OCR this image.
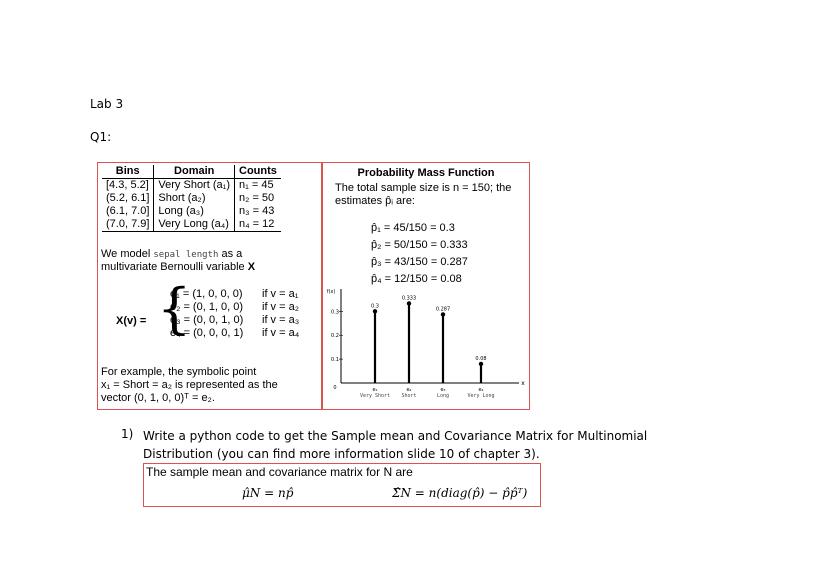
Lab 3
Q1:
Bins	Domain	Counts
[4.3, 5.2]	Very Short (a₁)	n₁ = 45
(5.2, 6.1]	Short (a₂)	n₂ = 50
(6.1, 7.0]	Long (a₃)	n₃ = 43
(7.0, 7.9]	Very Long (a₄)	n₄ = 12
We model sepal length as a
multivariate Bernoulli variable X
X(v) = {
e₁ = (1, 0, 0, 0) if v = a₁
e₂ = (0, 1, 0, 0) if v = a₂
e₃ = (0, 0, 1, 0) if v = a₃
e₄ = (0, 0, 0, 1) if v = a₄
For example, the symbolic point
x₁ = Short = a₂ is represented as the
vector (0, 1, 0, 0)ᵀ = e₂.
Probability Mass Function
The total sample size is n = 150; the
estimates p̂ᵢ are:
p̂₁ = 45/150 = 0.3
p̂₂ = 50/150 = 0.333
p̂₃ = 43/150 = 0.287
p̂₄ = 12/150 = 0.08
f(x)
x
0
0.1
0.2
0.3
0.3
e₁
Very Short
0.333
e₂
Short
0.287
e₃
Long
0.08
e₄
Very Long
1) Write a python code to get the Sample mean and Covariance Matrix for Multinomial
Distribution (you can find more information slide 10 of chapter 3).
The sample mean and covariance matrix for N are
μ̂N = np̂	Σ̂N = n(diag(p̂) − p̂p̂ᵀ)
